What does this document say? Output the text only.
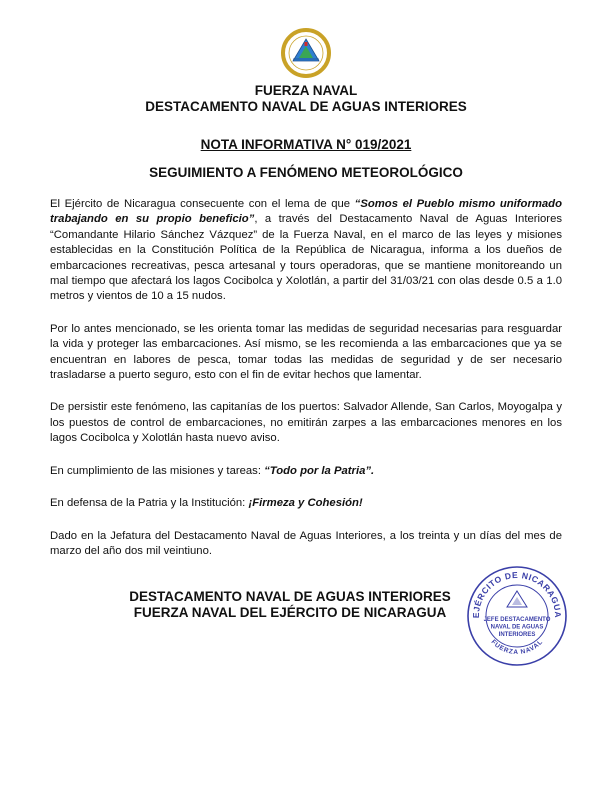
FUERZA NAVAL
DESTACAMENTO NAVAL DE AGUAS INTERIORES
NOTA INFORMATIVA N° 019/2021
SEGUIMIENTO A FENÓMENO METEOROLÓGICO

El Ejército de Nicaragua consecuente con el lema de que “Somos el Pueblo mismo uniformado trabajando en su propio beneficio”, a través del Destacamento Naval de Aguas Interiores “Comandante Hilario Sánchez Vázquez” de la Fuerza Naval, en el marco de las leyes y misiones establecidas en la Constitución Política de la República de Nicaragua, informa a los dueños de embarcaciones recreativas, pesca artesanal y tours operadoras, que se mantiene monitoreando un mal tiempo que afectará los lagos Cocibolca y Xolotlán, a partir del 31/03/21 con olas desde 0.5 a 1.0 metros y vientos de 10 a 15 nudos.

Por lo antes mencionado, se les orienta tomar las medidas de seguridad necesarias para resguardar la vida y proteger las embarcaciones. Así mismo, se les recomienda a las embarcaciones que ya se encuentran en labores de pesca, tomar todas las medidas de seguridad y de ser necesario trasladarse a puerto seguro, esto con el fin de evitar hechos que lamentar.

De persistir este fenómeno, las capitanías de los puertos: Salvador Allende, San Carlos, Moyogalpa y los puestos de control de embarcaciones, no emitirán zarpes a las embarcaciones menores en los lagos Cocibolca y Xolotlán hasta nuevo aviso.

En cumplimiento de las misiones y tareas: “Todo por la Patria”.

En defensa de la Patria y la Institución: ¡Firmeza y Cohesión!

Dado en la Jefatura del Destacamento Naval de Aguas Interiores, a los treinta y un días del mes de marzo del año dos mil veintiuno.

DESTACAMENTO NAVAL DE AGUAS INTERIORES
FUERZA NAVAL DEL EJÉRCITO DE NICARAGUA	EJÉRCITO DE NICARAGUA
FUERZA NAVAL
JEFE DESTACAMENTO
NAVAL DE AGUAS
INTERIORES
